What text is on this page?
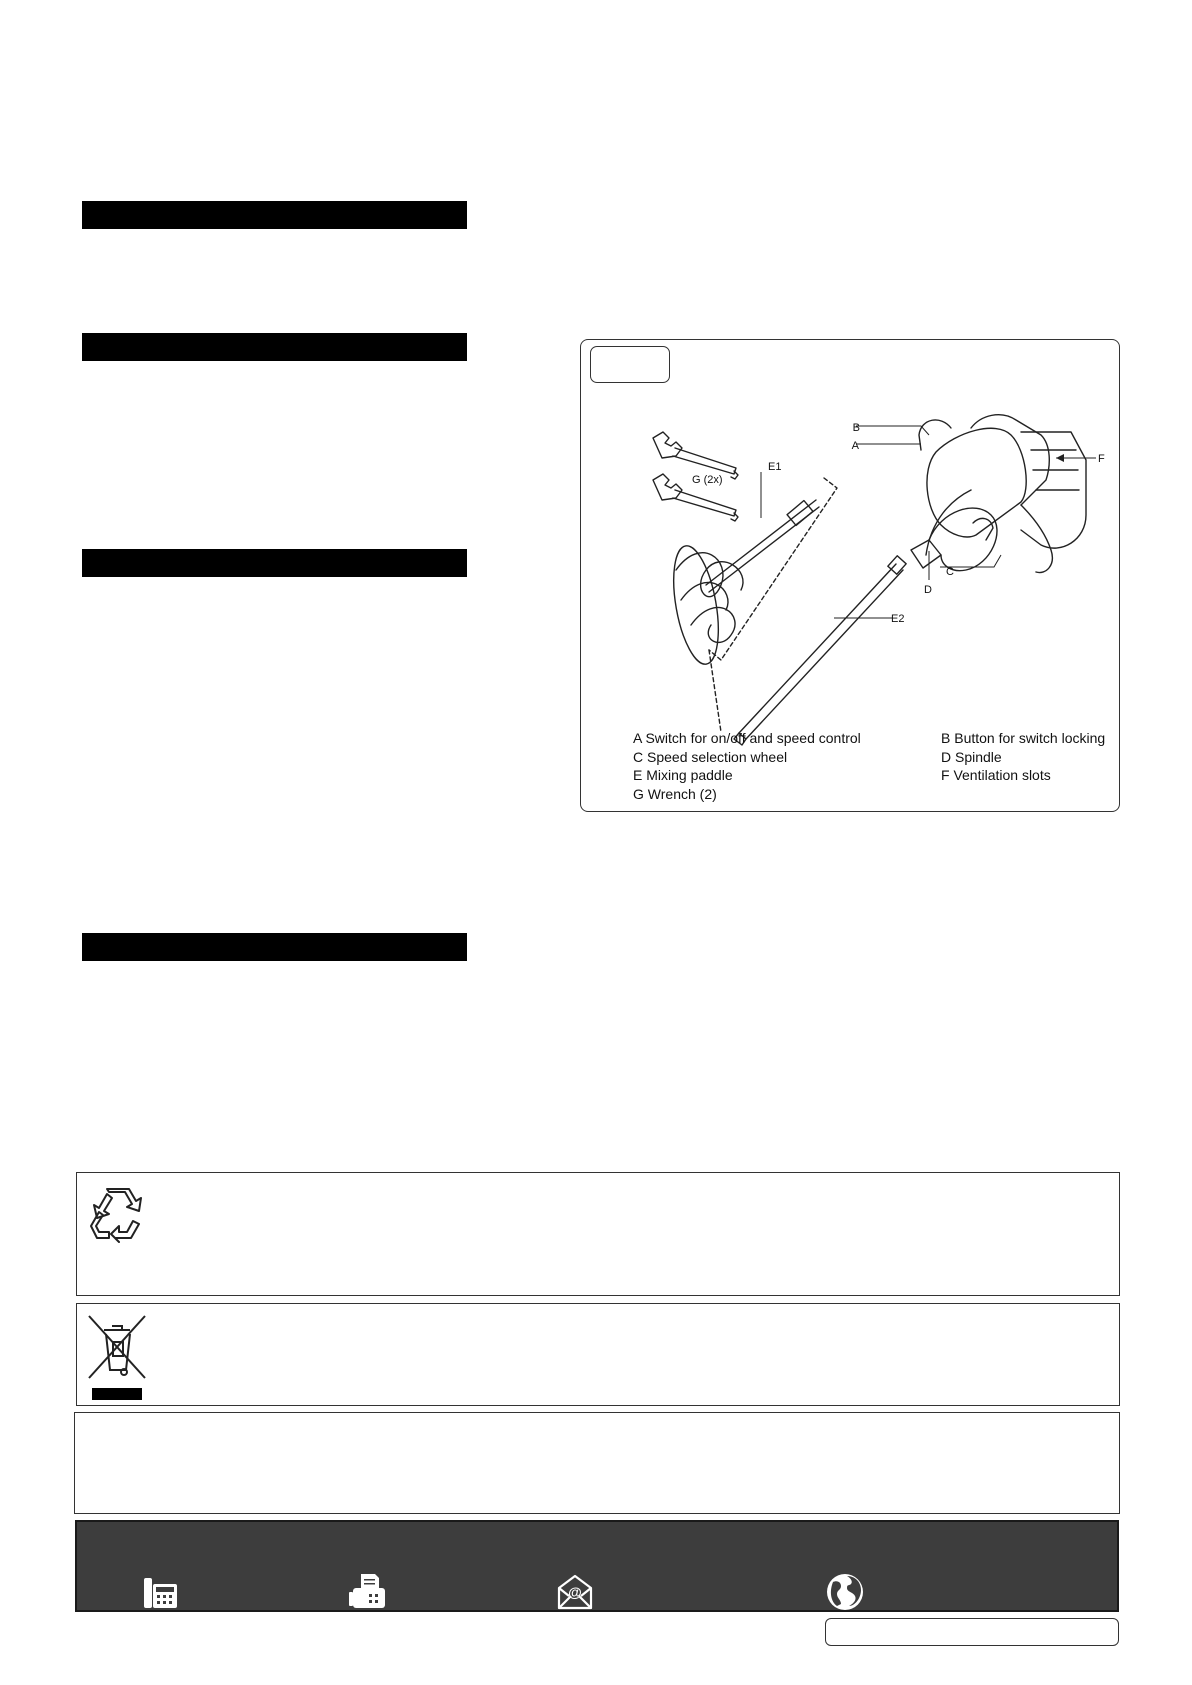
B
A
F
G (2x)
E1
D
C
E2
A Switch for on/off and speed control
C Speed selection wheel
E Mixing paddle
G Wrench (2)
B Button for switch locking
D Spindle
F Ventilation slots
@
